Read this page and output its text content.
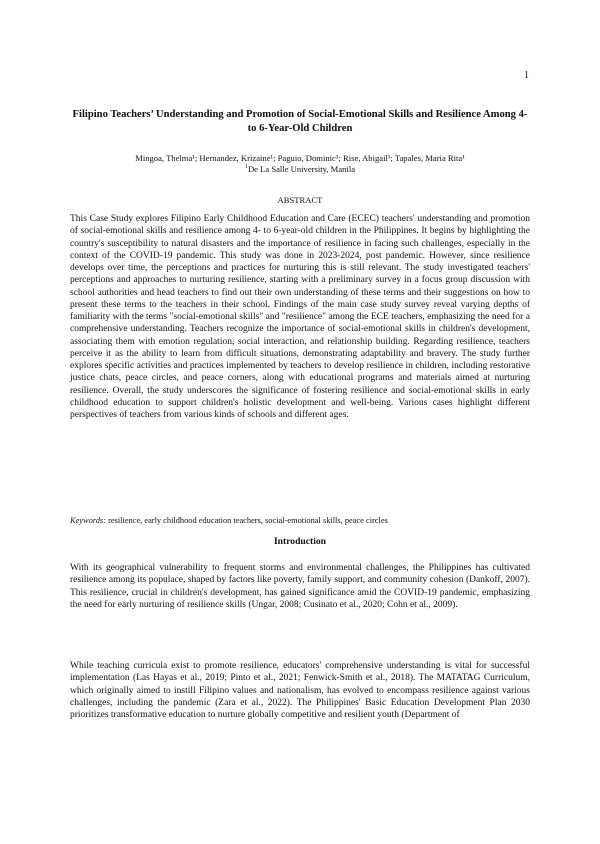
1
Filipino Teachers’ Understanding and Promotion of Social-Emotional Skills and Resilience Among 4- to 6-Year-Old Children
Mingoa, Thelma¹; Hernandez, Krizaine¹; Paguio, Dominic¹; Rise, Abigail¹; Tapales, Maria Rita¹
$^1$De La Salle University, Manila
ABSTRACT

This Case Study explores Filipino Early Childhood Education and Care (ECEC) teachers' understanding and promotion of social-emotional skills and resilience among 4- to 6-year-old children in the Philippines. It begins by highlighting the country's susceptibility to natural disasters and the importance of resilience in facing such challenges, especially in the context of the COVID-19 pandemic. This study was done in 2023-2024, post pandemic. However, since resilience develops over time, the perceptions and practices for nurturing this is still relevant. The study investigated teachers' perceptions and approaches to nurturing resilience, starting with a preliminary survey in a focus group discussion with school authorities and head teachers to find out their own understanding of these terms and their suggestions on how to present these terms to the teachers in their school. Findings of the main case study survey reveal varying depths of familiarity with the terms "social-emotional skills" and "resilience" among the ECE teachers, emphasizing the need for a comprehensive understanding. Teachers recognize the importance of social-emotional skills in children's development, associating them with emotion regulation, social interaction, and relationship building. Regarding resilience, teachers perceive it as the ability to learn from difficult situations, demonstrating adaptability and bravery. The study further explores specific activities and practices implemented by teachers to develop resilience in children, including restorative justice chats, peace circles, and peace corners, along with educational programs and materials aimed at nurturing resilience. Overall, the study underscores the significance of fostering resilience and social-emotional skills in early childhood education to support children's holistic development and well-being. Various cases highlight different perspectives of teachers from various kinds of schools and different ages.

Keywords: resilience, early childhood education teachers, social-emotional skills, peace circles
Introduction

With its geographical vulnerability to frequent storms and environmental challenges, the Philippines has cultivated resilience among its populace, shaped by factors like poverty, family support, and community cohesion (Dankoff, 2007). This resilience, crucial in children's development, has gained significance amid the COVID-19 pandemic, emphasizing the need for early nurturing of resilience skills (Ungar, 2008; Cusinato et al., 2020; Cohn et al., 2009).

While teaching curricula exist to promote resilience, educators' comprehensive understanding is vital for successful implementation (Las Hayas et al., 2019; Pinto et al., 2021; Fenwick-Smith et al., 2018). The MATATAG Curriculum, which originally aimed to instill Filipino values and nationalism, has evolved to encompass resilience against various challenges, including the pandemic (Zara et al., 2022). The Philippines' Basic Education Development Plan 2030 prioritizes transformative education to nurture globally competitive and resilient youth (Department of
